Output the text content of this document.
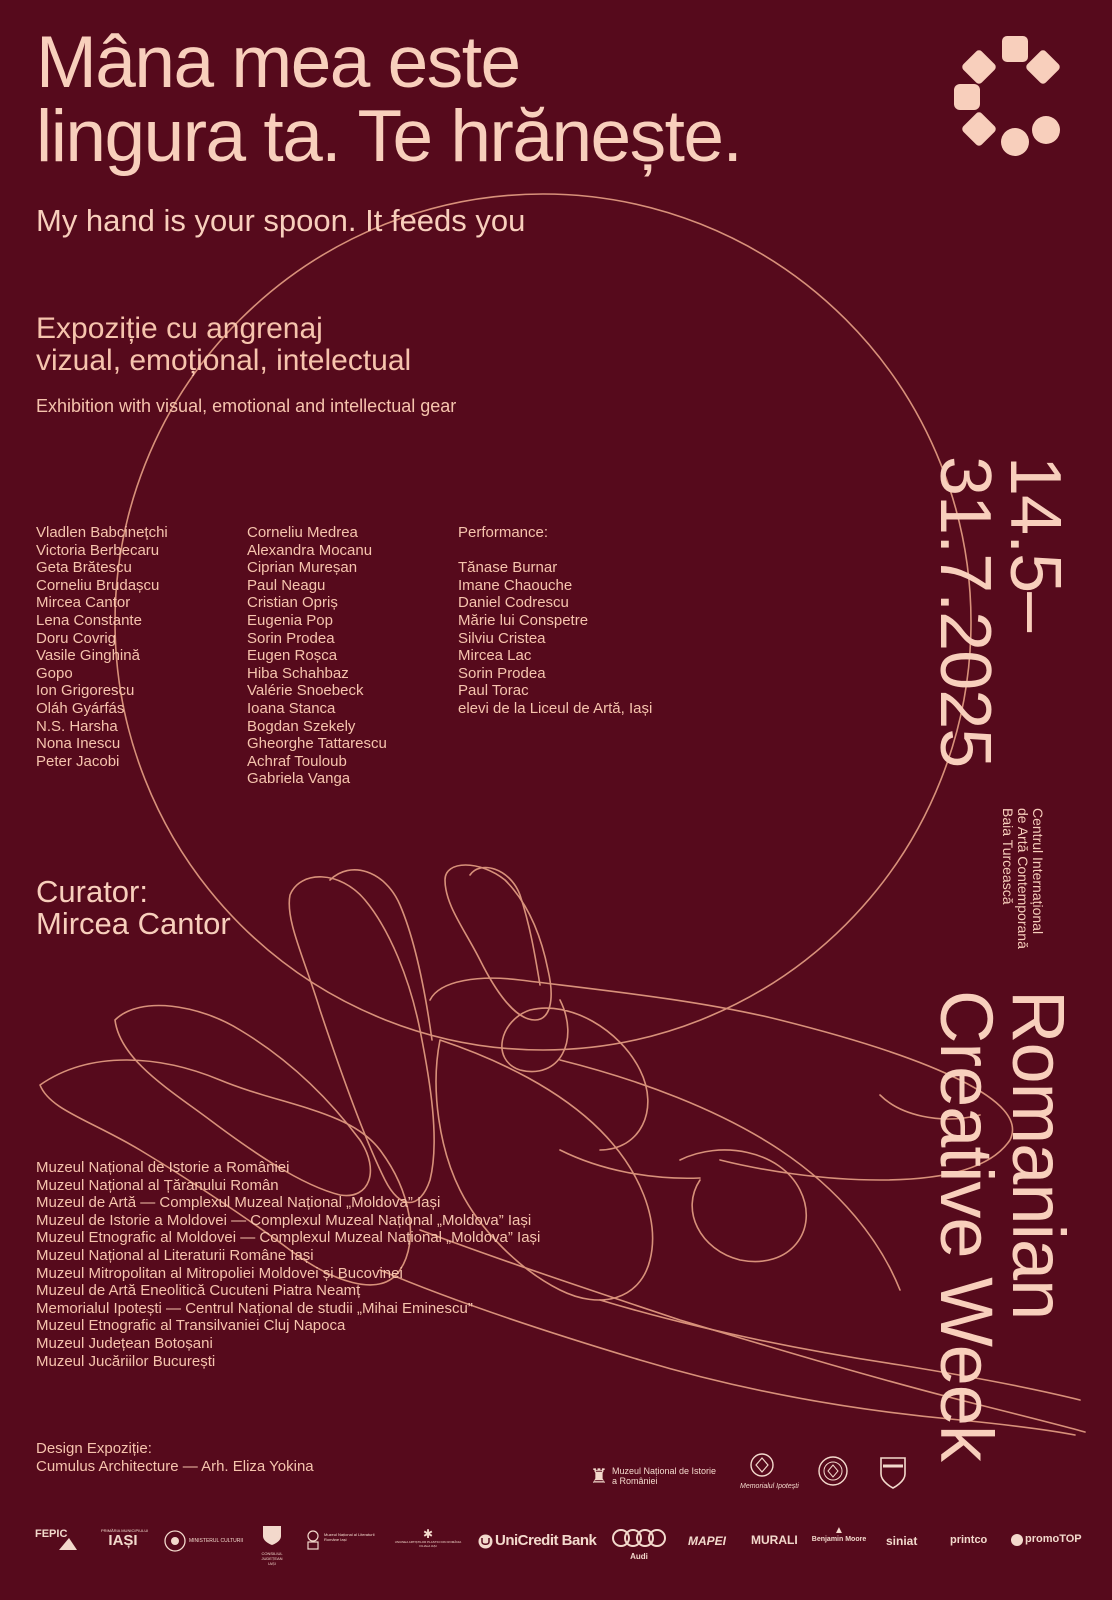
Mâna mea este
lingura ta. Te hrănește.
My hand is your spoon. It feeds you
Expoziție cu angrenaj
vizual, emoțional, intelectual
Exhibition with visual, emotional and intellectual gear
Vladlen Babcinețchi
Victoria Berbecaru
Geta Brătescu
Corneliu Brudașcu
Mircea Cantor
Lena Constante
Doru Covrig
Vasile Ginghină
Gopo
Ion Grigorescu
Oláh Gyárfás
N.S. Harsha
Nona Inescu
Peter Jacobi
Corneliu Medrea
Alexandra Mocanu
Ciprian Mureșan
Paul Neagu
Cristian Opriș
Eugenia Pop
Sorin Prodea
Eugen Roșca
Hiba Schahbaz
Valérie Snoebeck
Ioana Stanca
Bogdan Szekely
Gheorghe Tattarescu
Achraf Touloub
Gabriela Vanga
Performance:
Tănase Burnar
Imane Chaouche
Daniel Codrescu
Mărie lui Conspetre
Silviu Cristea
Mircea Lac
Sorin Prodea
Paul Torac
elevi de la Liceul de Artă, Iași
Curator:
Mircea Cantor
Muzeul Național de Istorie a României
Muzeul Național al Țăranului Român
Muzeul de Artă — Complexul Muzeal Național „Moldova” Iași
Muzeul de Istorie a Moldovei — Complexul Muzeal Național „Moldova” Iași
Muzeul Etnografic al Moldovei — Complexul Muzeal Național „Moldova” Iași
Muzeul Național al Literaturii Române Iași
Muzeul Mitropolitan al Mitropoliei Moldovei și Bucovinei
Muzeul de Artă Eneolitică Cucuteni Piatra Neamț
Memorialul Ipotești — Centrul Național de studii „Mihai Eminescu”
Muzeul Etnografic al Transilvaniei Cluj Napoca
Muzeul Județean Botoșani
Muzeul Jucăriilor București
Design Expoziție:
Cumulus Architecture — Arh. Eliza Yokina
14.5–
31.7.2025
Centrul Internațional
de Artă Contemporană
Baia Turcească
Romanian
Creative Week
♜ Muzeul Național de Istorie a României
Memorialul Ipotești
FEPIC	PRIMĂRIA MUNICIPIULUI
IAȘI	MINISTERUL CULTURII
CONSILIUL JUDEȚEAN IAȘI
Muzeul Național al Literaturii Române Iași	✱
UNIUNEA ARTIȘTILOR PLASTICI DIN ROMÂNIA FILIALA IAȘI	UniCredit Bank
Audi
MAPEI MURALI
▲
Benjamin Moore siniat	printco	promoTOP
